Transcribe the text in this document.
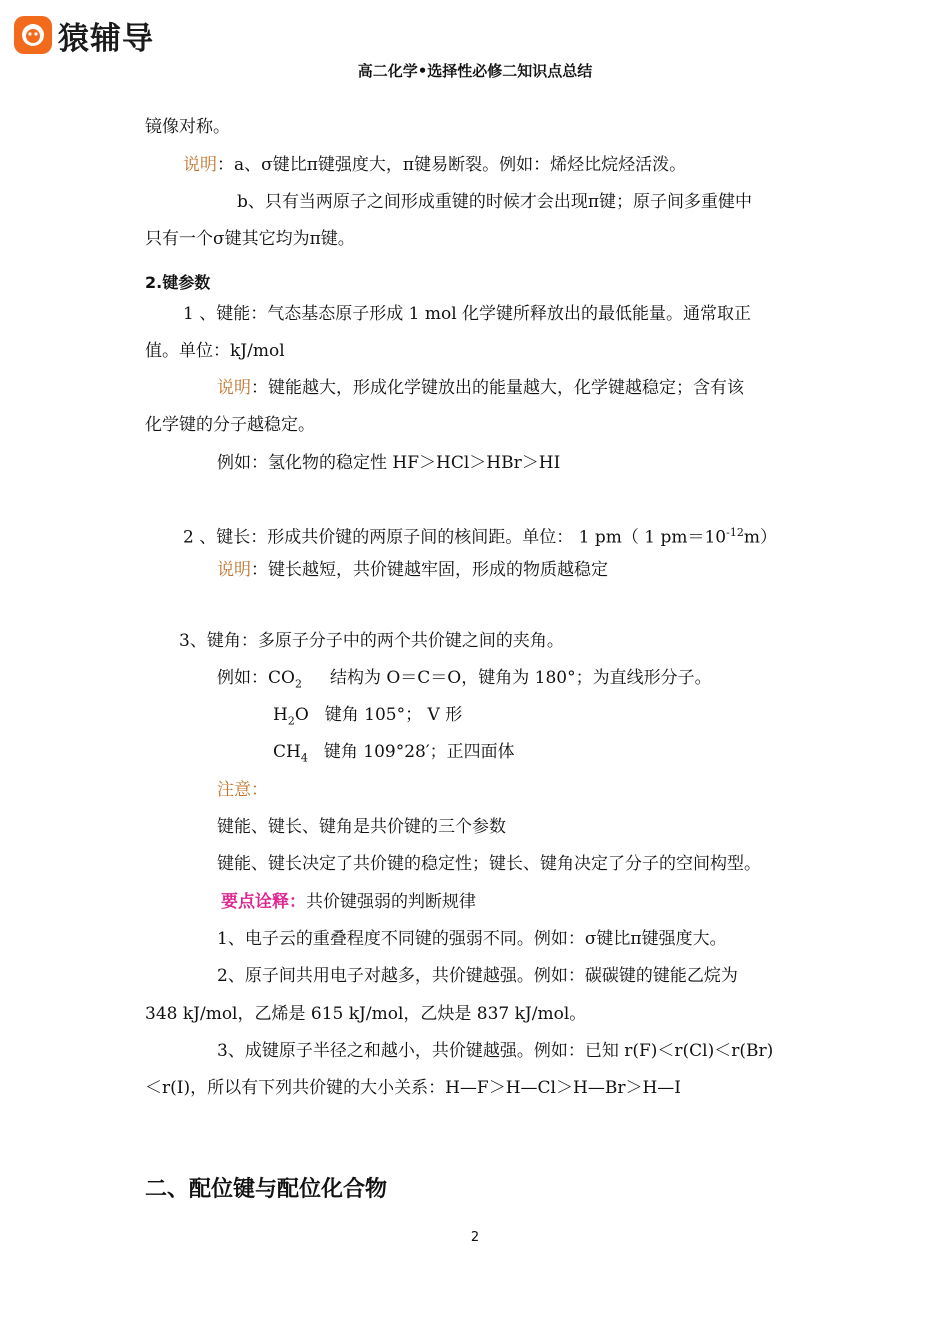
猿辅导
高二化学•选择性必修二知识点总结
镜像对称。
说明：a、σ键比π键强度大，π键易断裂。例如：烯烃比烷烃活泼。
b、只有当两原子之间形成重键的时候才会出现π键；原子间多重健中
只有一个σ键其它均为π键。
2.键参数
1 、键能：气态基态原子形成 1 mol 化学键所释放出的最低能量。通常取正
值。单位：kJ/mol
说明：键能越大，形成化学键放出的能量越大，化学键越稳定；含有该
化学键的分子越稳定。
例如：氢化物的稳定性 HF＞HCl＞HBr＞HI
2 、键长：形成共价键的两原子间的核间距。单位： 1 pm（ 1 $pm=10^{-12}m$）
说明：键长越短，共价键越牢固，形成的物质越稳定
3、键角：多原子分子中的两个共价键之间的夹角。
例如：$CO_2$ 结构为 O＝C＝O，键角为 180°；为直线形分子。
$H_2O$ 键角 105°； V 形
$CH_4$ 键角 109°28′；正四面体
注意：
键能、键长、键角是共价键的三个参数
键能、键长决定了共价键的稳定性；键长、键角决定了分子的空间构型。
要点诠释：共价键强弱的判断规律
1、电子云的重叠程度不同键的强弱不同。例如：σ键比π键强度大。
2、原子间共用电子对越多，共价键越强。例如：碳碳键的键能乙烷为
348 kJ/mol，乙烯是 615 kJ/mol，乙炔是 837 kJ/mol。
3、成键原子半径之和越小，共价键越强。例如：已知 r(F)＜r(Cl)＜r(Br)
＜r(I)，所以有下列共价键的大小关系：H—F＞H—Cl＞H—Br＞H—I
二、配位键与配位化合物
2
